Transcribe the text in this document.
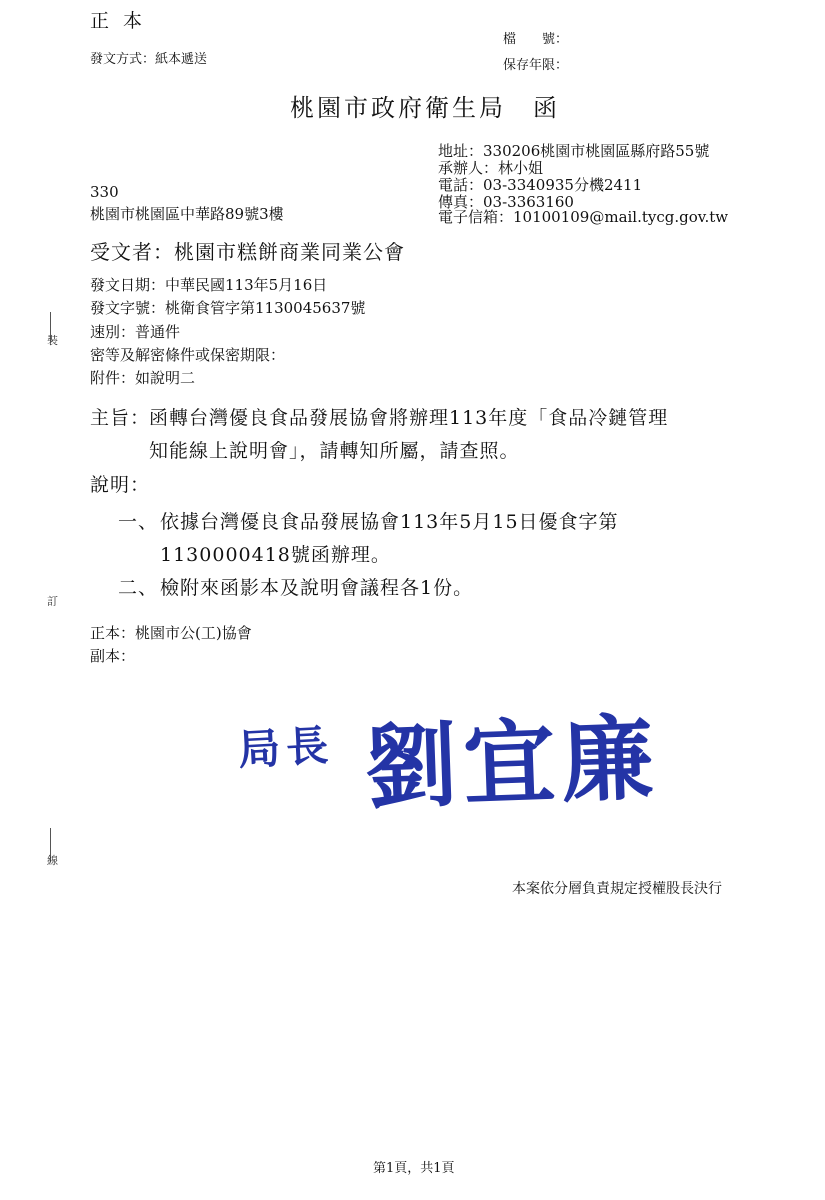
正 本
發文方式：紙本遞送
檔　　號：
保存年限：
桃園市政府衛生局　函
地址：330206桃園市桃園區縣府路55號
承辦人：林小姐
電話：03-3340935分機2411
傳真：03-3363160
電子信箱：10100109@mail.tycg.gov.tw
330
桃園市桃園區中華路89號3樓
受文者：桃園市糕餅商業同業公會
發文日期：中華民國113年5月16日
發文字號：桃衛食管字第1130045637號
速別：普通件
密等及解密條件或保密期限：
附件：如說明二
主旨：
函轉台灣優良食品發展協會將辦理113年度「食品冷鏈管理
知能線上說明會」，請轉知所屬，請查照。
說明：
一、 依據台灣優良食品發展協會113年5月15日優食字第
1130000418號函辦理。
二、 檢附來函影本及說明會議程各1份。
正本：桃園市公(工)協會
副本：
局長 劉宜廉
本案依分層負責規定授權股長決行
裝
訂
線
第1頁，共1頁
